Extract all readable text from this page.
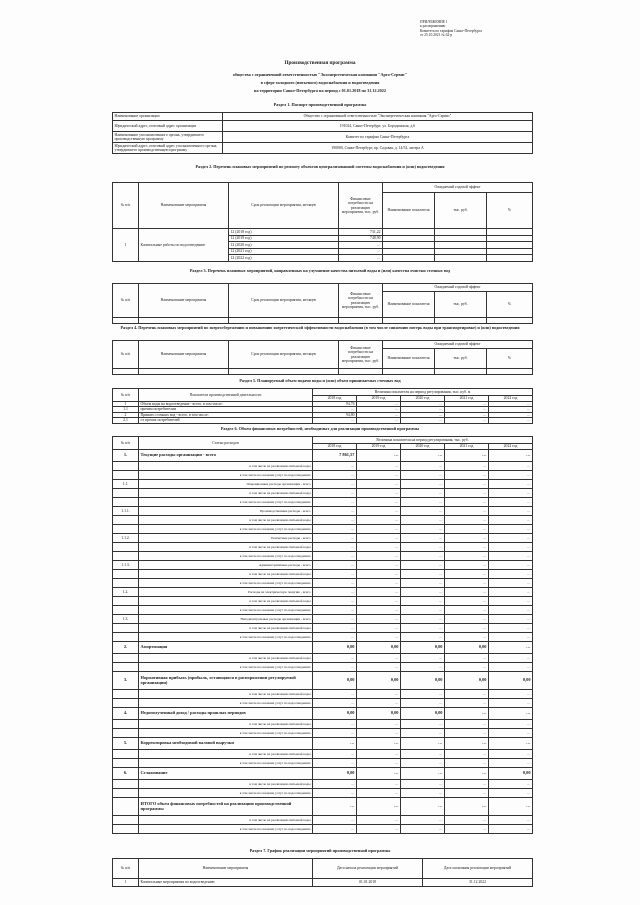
ПРИЛОЖЕНИЕ 1
к распоряжению
Комитета по тарифам Санкт-Петербурга
от 25.10.2021 № 62-р
Производственная программа
общества с ограниченной ответственностью "Экоэнергетическая компания "Арго-Сервис"
в сфере холодного (питьевого) водоснабжения и водоотведения
на территории Санкт-Петербурга на период с 01.01.2018 по 31.12.2022
Раздел 1. Паспорт производственной программы
Наименование организации	Общество с ограниченной ответственностью "Экоэнергетическая компания "Арго-Сервис"
Юридический адрес, почтовый адрес организации	191024, Санкт-Петербург, ул. Бородинская, д.6
Наименование уполномоченного органа, утвердившего производственную программу	Комитет по тарифам Санкт-Петербурга
Юридический адрес, почтовый адрес уполномоченного органа, утвердившего производственную программу	190000, Санкт-Петербург, пр. Садовая, д. 14/52, литера А
Раздел 2. Перечень плановых мероприятий по ремонту объектов централизованной системы водоснабжения и (или) водоотведения
№ п/п	Наименование мероприятия	Срок реализации мероприятия, месяцев	Финансовые потребности на реализацию мероприятия, тыс. руб.	Ожидаемый годовой эффект		
				Наименование показателя	тыс. руб.	%
1	Капитальные работы по водоотведению	12 (2018 год)	731,22			
		12 (2019 год)	748,90			
		12 (2020 год)	…			
		12 (2021 год)	…			
		12 (2022 год)	…			
Раздел 3. Перечень плановых мероприятий, направленных на улучшение качества питьевой воды и (или) качества очистки сточных вод
№ п/п	Наименование мероприятия	Срок реализации мероприятия, месяцев	Финансовые потребности на реализацию мероприятия, тыс. руб.	Ожидаемый годовой эффект		
				Наименование показателя	тыс. руб.	%

Раздел 4. Перечень плановых мероприятий по энергосбережению и повышению энергетической эффективности водоснабжения (в том числе снижению потерь воды при транспортировке) и (или) водоотведения
№ п/п	Наименование мероприятия	Срок реализации мероприятия, месяцев	Финансовые потребности на реализацию мероприятия, тыс. руб.	Ожидаемый годовой эффект		
				Наименование показателя	тыс. руб.	%

Раздел 5. Планируемый объем подачи воды и (или) объем принимаемых сточных вод
№ п/п	Показатели производственной деятельности	Величина показателя на период регулирования, тыс. куб. м				
		2018 год	2019 год	2020 год	2021 год	2022 год
1	Объем воды на водоотведение - всего, в том числе:	94,76	…	…	…	…
1.1	прочим потребителям	…	…	…	…	…
2	Принято сточных вод - всего, в том числе:	94,80	…	…	…	…
2.1	от прочих потребителей	…	…	…	…	…
Раздел 6. Объем финансовых потребностей, необходимых для реализации производственной программы
№ п/п	Статьи расходов	Величина показателя на период регулирования, тыс. руб.				
		2018 год	2019 год	2020 год	2021 год	2022 год
1.	Текущие расходы организации - всего	7 861,57	…	…	…	…
	в том числе на реализацию питьевой воды	…	…	…	…	…
	в том числе на оказание услуг по водоотведению	…	…	…	…	…
1.1.	Операционные расходы организации - всего	…	…	…	…	…
	в том числе на реализацию питьевой воды	…	…	…	…	…
	в том числе на оказание услуг по водоотведению	…	…	…	…	…
1.1.1.	Производственные расходы - всего	…	…	…	…	…
	в том числе на реализацию питьевой воды	…	…	…	…	…
	в том числе на оказание услуг по водоотведению	…	…	…	…	…
1.1.2.	Ремонтные расходы - всего	…	…	…	…	…
	в том числе на реализацию питьевой воды	…	…	…	…	…
	в том числе на оказание услуг по водоотведению	…	…	…	…	…
1.1.3.	Административные расходы - всего	…	…	…	…	…
	в том числе на реализацию питьевой воды	…	…	…	…	…
	в том числе на оказание услуг по водоотведению	…	…	…	…	…
1.2.	Расходы на электрическую энергию - всего	…	…	…	…	…
	в том числе на реализацию питьевой воды	…	…	…	…	…
	в том числе на оказание услуг по водоотведению	…	…	…	…	…
1.3.	Неподконтрольные расходы организации - всего	…	…	…	…	…
	в том числе на реализацию питьевой воды	…	…	…	…	…
	в том числе на оказание услуг по водоотведению	…	…	…	…	…
2.	Амортизация	0,00	0,00	0,00	0,00	…
	в том числе на реализацию питьевой воды	…	…	…	…	…
	в том числе на оказание услуг по водоотведению	…	…	…	…	…
3.	Нормативная прибыль (прибыль, остающаяся в распоряжении регулируемой организации)	0,00	0,00	0,00	0,00	0,00
	в том числе на реализацию питьевой воды	…	…	…	…	…
	в том числе на оказание услуг по водоотведению	…	…	…	…	…
4.	Недополученный доход / расходы прошлых периодов	0,00	0,00	0,00	…	…
	в том числе на реализацию питьевой воды	…	…	…	…	…
	в том числе на оказание услуг по водоотведению	…	…	…	…	…
5.	Корректировка необходимой валовой выручки	…	…	…	…	…
	в том числе на реализацию питьевой воды	…	…	…	…	…
	в том числе на оказание услуг по водоотведению	…	…	…	…	…
6.	Сглаживание	0,00	…	…	…	0,00
	в том числе на реализацию питьевой воды	…	…	…	…	…
	в том числе на оказание услуг по водоотведению	…	…	…	…	…
	ИТОГО объем финансовых потребностей на реализацию производственной программы	…	…	…	…	…
	в том числе на реализацию питьевой воды	…	…	…	…	…
	в том числе на оказание услуг по водоотведению	…	…	…	…	…
Раздел 7. График реализации мероприятий производственной программы
№ п/п	Наименование мероприятия	Дата начала реализации мероприятий	Дата окончания реализации мероприятий
1	Капитальные мероприятия по водоотведению	01.01.2018	31.12.2022
